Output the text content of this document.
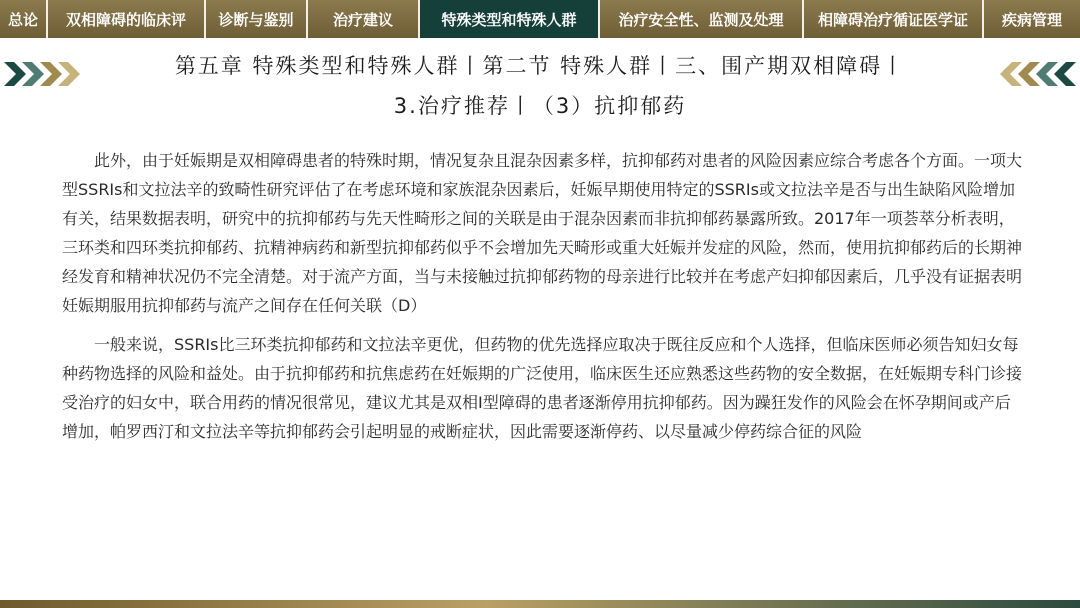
总论	双相障碍的临床评	诊断与鉴别	治疗建议	特殊类型和特殊人群	治疗安全性、监测及处理	相障碍治疗循证医学证	疾病管理
第五章 特殊类型和特殊人群丨第二节 特殊人群丨三、围产期双相障碍丨
3.治疗推荐丨（3）抗抑郁药

此外，由于妊娠期是双相障碍患者的特殊时期，情况复杂且混杂因素多样，抗抑郁药对患者的风险因素应综合考虑各个方面。一项大型SSRIs和文拉法辛的致畸性研究评估了在考虑环境和家族混杂因素后，妊娠早期使用特定的SSRIs或文拉法辛是否与出生缺陷风险增加有关，结果数据表明，研究中的抗抑郁药与先天性畸形之间的关联是由于混杂因素而非抗抑郁药暴露所致。2017年一项荟萃分析表明，三环类和四环类抗抑郁药、抗精神病药和新型抗抑郁药似乎不会增加先天畸形或重大妊娠并发症的风险，然而，使用抗抑郁药后的长期神经发育和精神状况仍不完全清楚。对于流产方面，当与未接触过抗抑郁药物的母亲进行比较并在考虑产妇抑郁因素后，几乎没有证据表明妊娠期服用抗抑郁药与流产之间存在任何关联（D）

一般来说，SSRIs比三环类抗抑郁药和文拉法辛更优，但药物的优先选择应取决于既往反应和个人选择，但临床医师必须告知妇女每种药物选择的风险和益处。由于抗抑郁药和抗焦虑药在妊娠期的广泛使用，临床医生还应熟悉这些药物的安全数据，在妊娠期专科门诊接受治疗的妇女中，联合用药的情况很常见，建议尤其是双相I型障碍的患者逐渐停用抗抑郁药。因为躁狂发作的风险会在怀孕期间或产后增加，帕罗西汀和文拉法辛等抗抑郁药会引起明显的戒断症状，因此需要逐渐停药、以尽量减少停药综合征的风险
